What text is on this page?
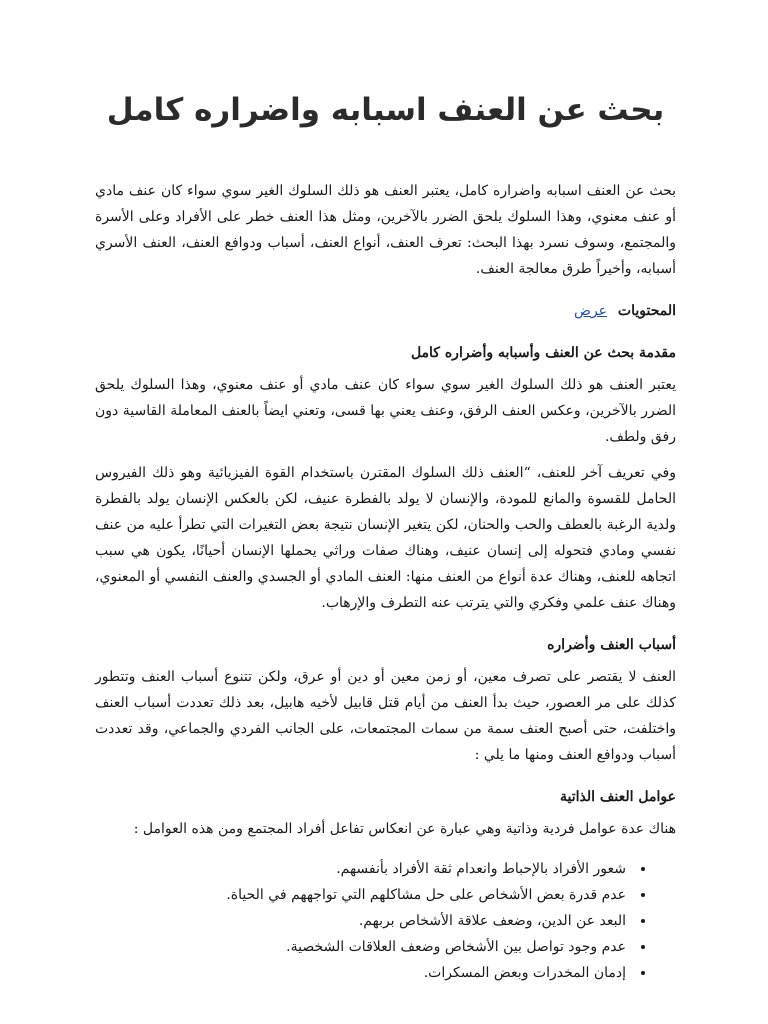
بحث عن العنف اسبابه واضراره كامل

بحث عن العنف اسبابه واضراره كامل، يعتبر العنف هو ذلك السلوك الغير سوي سواء كان عنف مادي أو عنف معنوي، وهذا السلوك يلحق الضرر بالآخرين، ومثل هذا العنف خطر على الأفراد وعلى الأسرة والمجتمع، وسوف نسرد بهذا البحث: تعرف العنف، أنواع العنف، أسباب ودوافع العنف، العنف الأسري أسبابه، وأخيراً طرق معالجة العنف.

المحتويات عرض
مقدمة بحث عن العنف وأسبابه وأضراره كامل

يعتبر العنف هو ذلك السلوك الغير سوي سواء كان عنف مادي أو عنف معنوي، وهذا السلوك يلحق الضرر بالآخرين، وعكس العنف الرفق، وعنف يعني بها قسى، وتعني ايضاً بالعنف المعاملة القاسية دون رفق ولطف.

وفي تعريف آخر للعنف، “العنف ذلك السلوك المقترن باستخدام القوة الفيزيائية وهو ذلك الفيروس الحامل للقسوة والمانع للمودة، والإنسان لا يولد بالفطرة عنيف، لكن بالعكس الإنسان يولد بالفطرة ولدية الرغبة بالعطف والحب والحنان، لكن يتغير الإنسان نتيجة بعض التغيرات التي تطرأ عليه من عنف نفسي ومادي فتحوله إلى إنسان عنيف، وهناك صفات وراثي يحملها الإنسان أحيانًا، يكون هي سبب اتجاهه للعنف، وهناك عدة أنواع من العنف منها: العنف المادي أو الجسدي والعنف النفسي أو المعنوي، وهناك عنف علمي وفكري والتي يترتب عنه التطرف والإرهاب.

أسباب العنف وأضراره

العنف لا يقتصر على تصرف معين، أو زمن معين أو دين أو عرق، ولكن تتنوع أسباب العنف وتتطور كذلك على مر العصور، حيث بدأ العنف من أيام قتل قابيل لأخيه هابيل، بعد ذلك تعددت أسباب العنف واختلفت، حتى أصبح العنف سمة من سمات المجتمعات، على الجانب الفردي والجماعي، وقد تعددت أسباب ودوافع العنف ومنها ما يلي :

عوامل العنف الذاتية

هناك عدة عوامل فردية وذاتية وهي عبارة عن انعكاس تفاعل أفراد المجتمع ومن هذه العوامل :

• شعور الأفراد بالإحباط وانعدام ثقة الأفراد بأنفسهم.
• عدم قدرة بعض الأشخاص على حل مشاكلهم التي تواجههم في الحياة.
• البعد عن الدين، وضعف علاقة الأشخاص بربهم.
• عدم وجود تواصل بين الأشخاص وضعف العلاقات الشخصية.
• إدمان المخدرات وبعض المسكرات.
